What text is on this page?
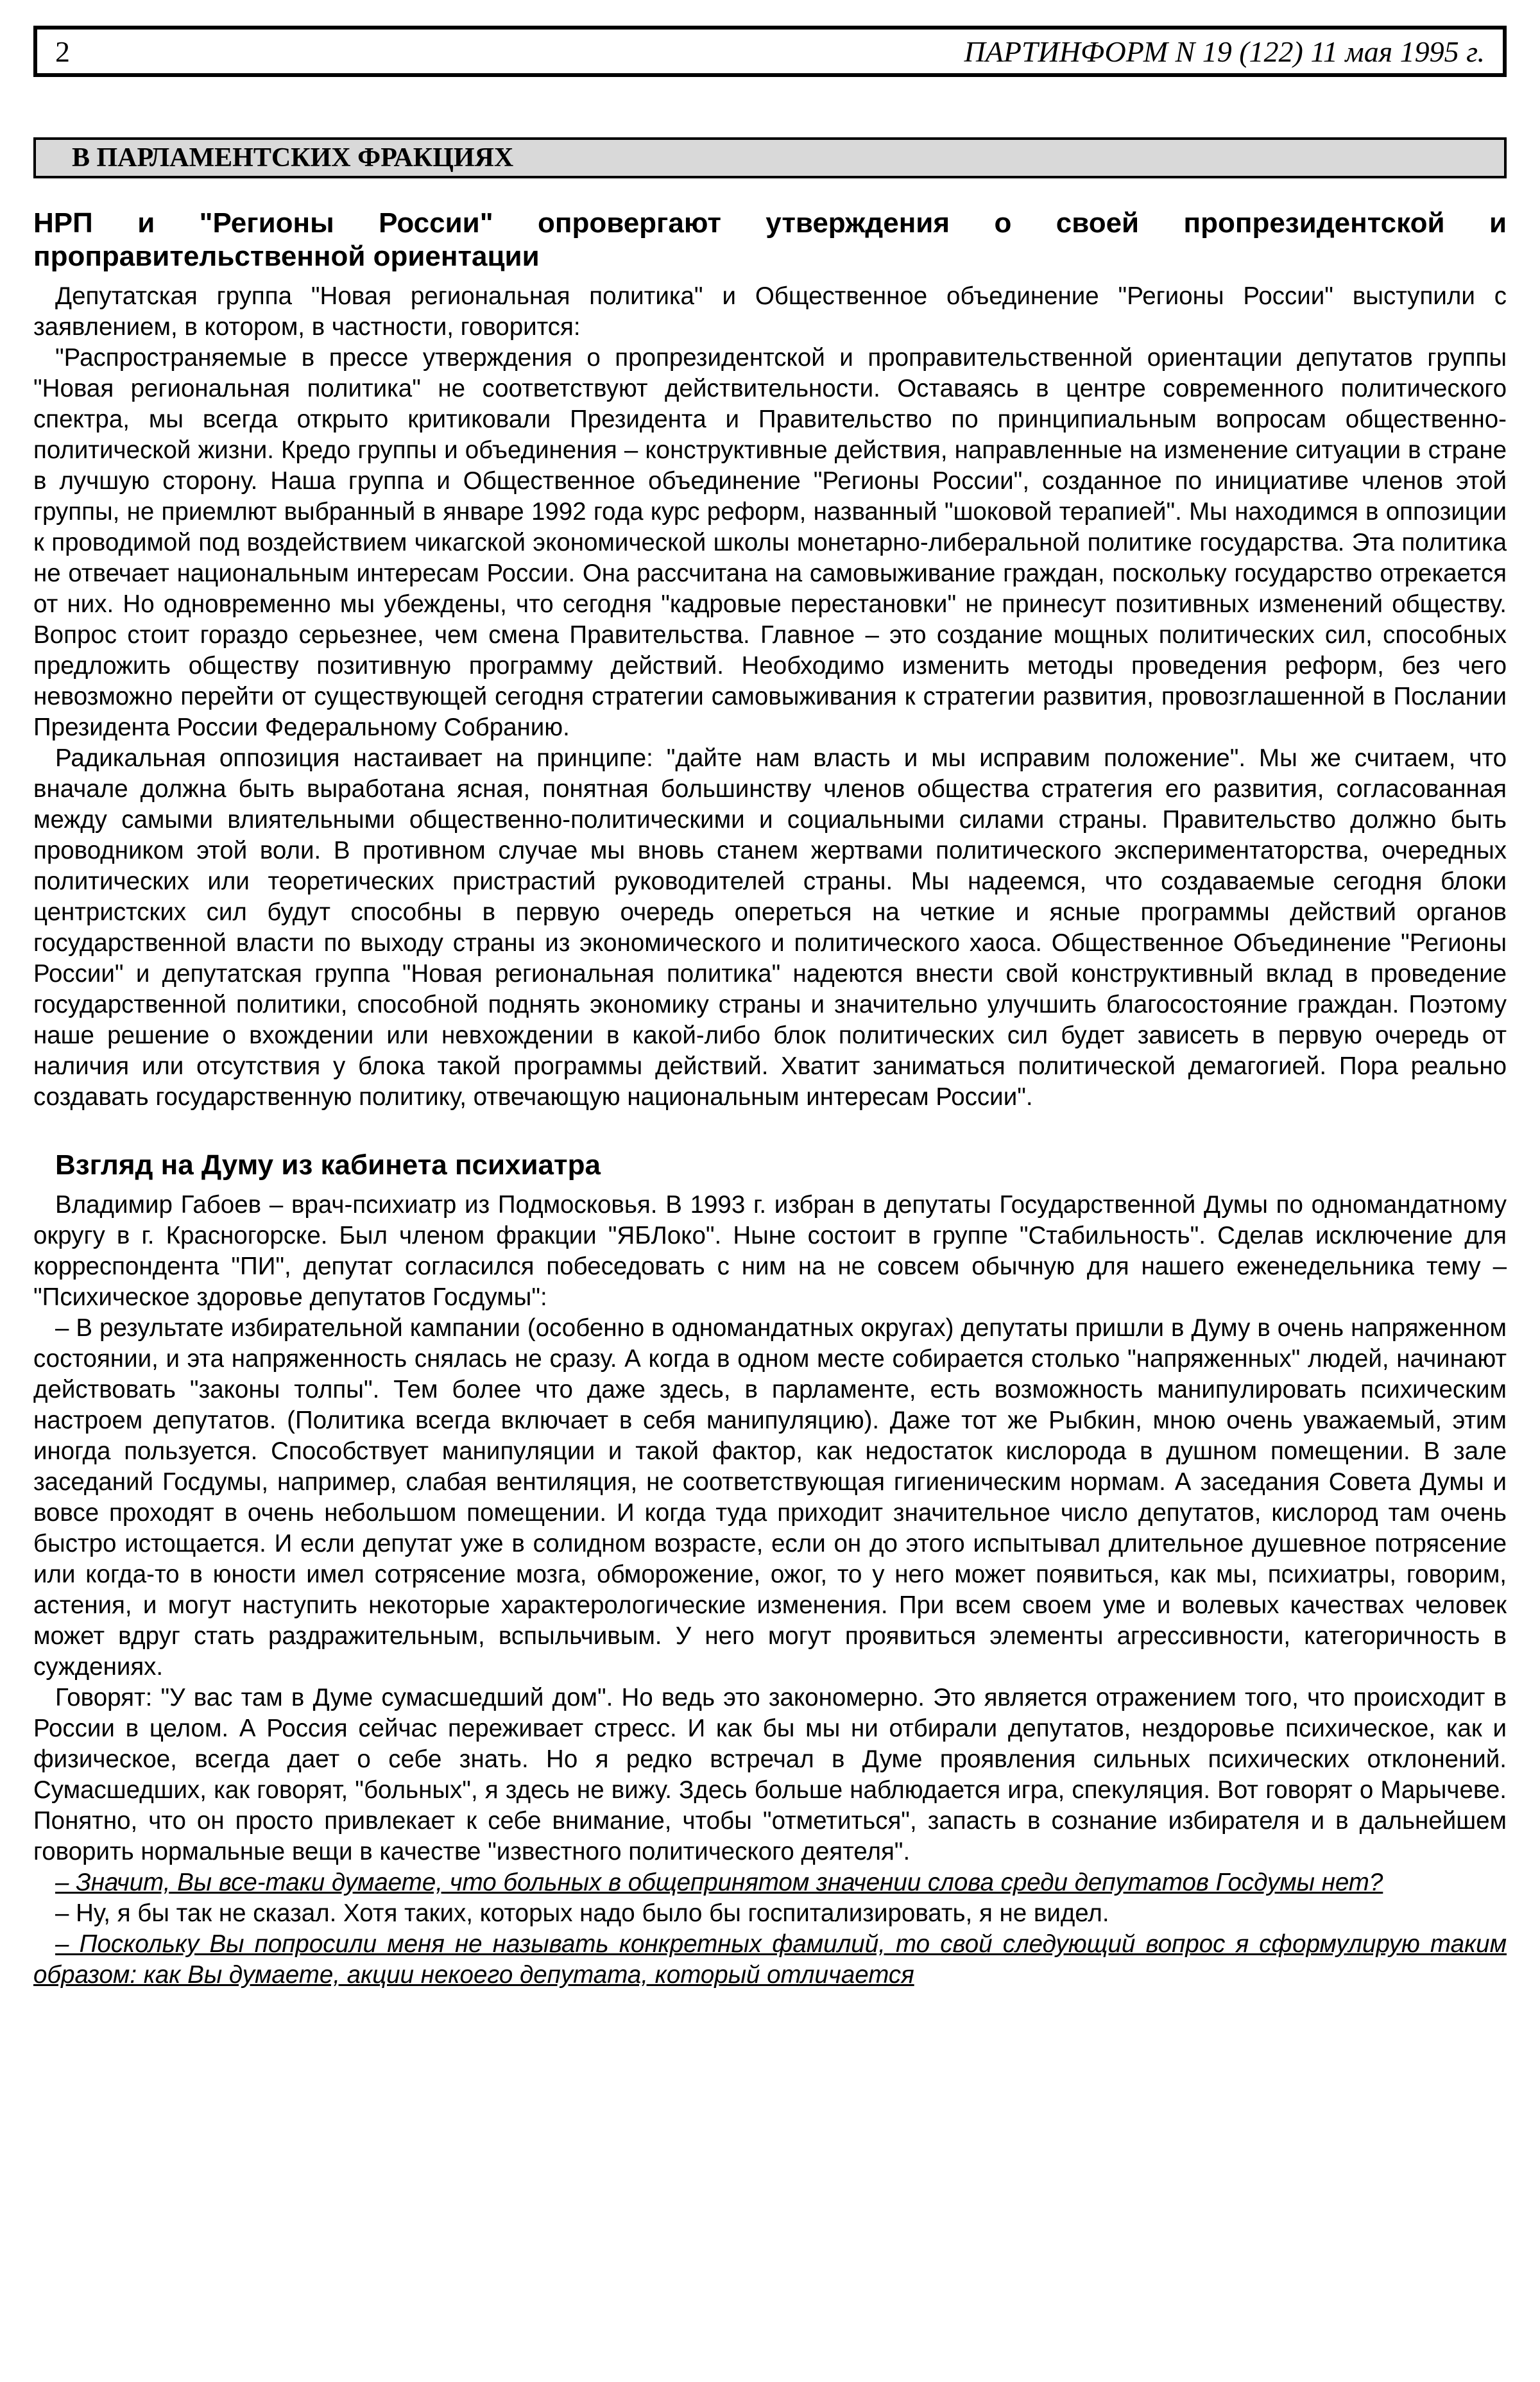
2	ПАРТИНФОРМ N 19 (122) 11 мая 1995 г.
В ПАРЛАМЕНТСКИХ ФРАКЦИЯХ
НРП и "Регионы России" опровергают утверждения о своей пропрезидентской и проправительственной ориентации

Депутатская группа "Новая региональная политика" и Общественное объединение "Регионы России" выступили с заявлением, в котором, в частности, говорится:

"Распространяемые в прессе утверждения о пропрезидентской и проправительственной ориентации депутатов группы "Новая региональная политика" не соответствуют действительности. Оставаясь в центре современного политического спектра, мы всегда открыто критиковали Президента и Правительство по принципиальным вопросам общественно-политической жизни. Кредо группы и объединения – конструктивные действия, направленные на изменение ситуации в стране в лучшую сторону. Наша группа и Общественное объединение "Регионы России", созданное по инициативе членов этой группы, не приемлют выбранный в январе 1992 года курс реформ, названный "шоковой терапией". Мы находимся в оппозиции к проводимой под воздействием чикагской экономической школы монетарно-либеральной политике государства. Эта политика не отвечает национальным интересам России. Она рассчитана на самовыживание граждан, поскольку государство отрекается от них. Но одновременно мы убеждены, что сегодня "кадровые перестановки" не принесут позитивных изменений обществу. Вопрос стоит гораздо серьезнее, чем смена Правительства. Главное – это создание мощных политических сил, способных предложить обществу позитивную программу действий. Необходимо изменить методы проведения реформ, без чего невозможно перейти от существующей сегодня стратегии самовыживания к стратегии развития, провозглашенной в Послании Президента России Федеральному Собранию.

Радикальная оппозиция настаивает на принципе: "дайте нам власть и мы исправим положение". Мы же считаем, что вначале должна быть выработана ясная, понятная большинству членов общества стратегия его развития, согласованная между самыми влиятельными общественно-политическими и социальными силами страны. Правительство должно быть проводником этой воли. В противном случае мы вновь станем жертвами политического экспериментаторства, очередных политических или теоретических пристрастий руководителей страны. Мы надеемся, что создаваемые сегодня блоки центристских сил будут способны в первую очередь опереться на четкие и ясные программы действий органов государственной власти по выходу страны из экономического и политического хаоса. Общественное Объединение "Регионы России" и депутатская группа "Новая региональная политика" надеются внести свой конструктивный вклад в проведение государственной политики, способной поднять экономику страны и значительно улучшить благосостояние граждан. Поэтому наше решение о вхождении или невхождении в какой-либо блок политических сил будет зависеть в первую очередь от наличия или отсутствия у блока такой программы действий. Хватит заниматься политической демагогией. Пора реально создавать государственную политику, отвечающую национальным интересам России".

Взгляд на Думу из кабинета психиатра

Владимир Габоев – врач-психиатр из Подмосковья. В 1993 г. избран в депутаты Государственной Думы по одномандатному округу в г. Красногорске. Был членом фракции "ЯБЛоко". Ныне состоит в группе "Стабильность". Сделав исключение для корреспондента "ПИ", депутат согласился побеседовать с ним на не совсем обычную для нашего еженедельника тему – "Психическое здоровье депутатов Госдумы":

– В результате избирательной кампании (особенно в одномандатных округах) депутаты пришли в Думу в очень напряженном состоянии, и эта напряженность снялась не сразу. А когда в одном месте собирается столько "напряженных" людей, начинают действовать "законы толпы". Тем более что даже здесь, в парламенте, есть возможность манипулировать психическим настроем депутатов. (Политика всегда включает в себя манипуляцию). Даже тот же Рыбкин, мною очень уважаемый, этим иногда пользуется. Способствует манипуляции и такой фактор, как недостаток кислорода в душном помещении. В зале заседаний Госдумы, например, слабая вентиляция, не соответствующая гигиеническим нормам. А заседания Совета Думы и вовсе проходят в очень небольшом помещении. И когда туда приходит значительное число депутатов, кислород там очень быстро истощается. И если депутат уже в солидном возрасте, если он до этого испытывал длительное душевное потрясение или когда-то в юности имел сотрясение мозга, обморожение, ожог, то у него может появиться, как мы, психиатры, говорим, астения, и могут наступить некоторые характерологические изменения. При всем своем уме и волевых качествах человек может вдруг стать раздражительным, вспыльчивым. У него могут проявиться элементы агрессивности, категоричность в суждениях.

Говорят: "У вас там в Думе сумасшедший дом". Но ведь это закономерно. Это является отражением того, что происходит в России в целом. А Россия сейчас переживает стресс. И как бы мы ни отбирали депутатов, нездоровье психическое, как и физическое, всегда дает о себе знать. Но я редко встречал в Думе проявления сильных психических отклонений. Сумасшедших, как говорят, "больных", я здесь не вижу. Здесь больше наблюдается игра, спекуляция. Вот говорят о Марычеве. Понятно, что он просто привлекает к себе внимание, чтобы "отметиться", запасть в сознание избирателя и в дальнейшем говорить нормальные вещи в качестве "известного политического деятеля".

– Значит, Вы все-таки думаете, что больных в общепринятом значении слова среди депутатов Госдумы нет?

– Ну, я бы так не сказал. Хотя таких, которых надо было бы госпитализировать, я не видел.

– Поскольку Вы попросили меня не называть конкретных фамилий, то свой следующий вопрос я сформулирую таким образом: как Вы думаете, акции некоего депутата, который отличается
